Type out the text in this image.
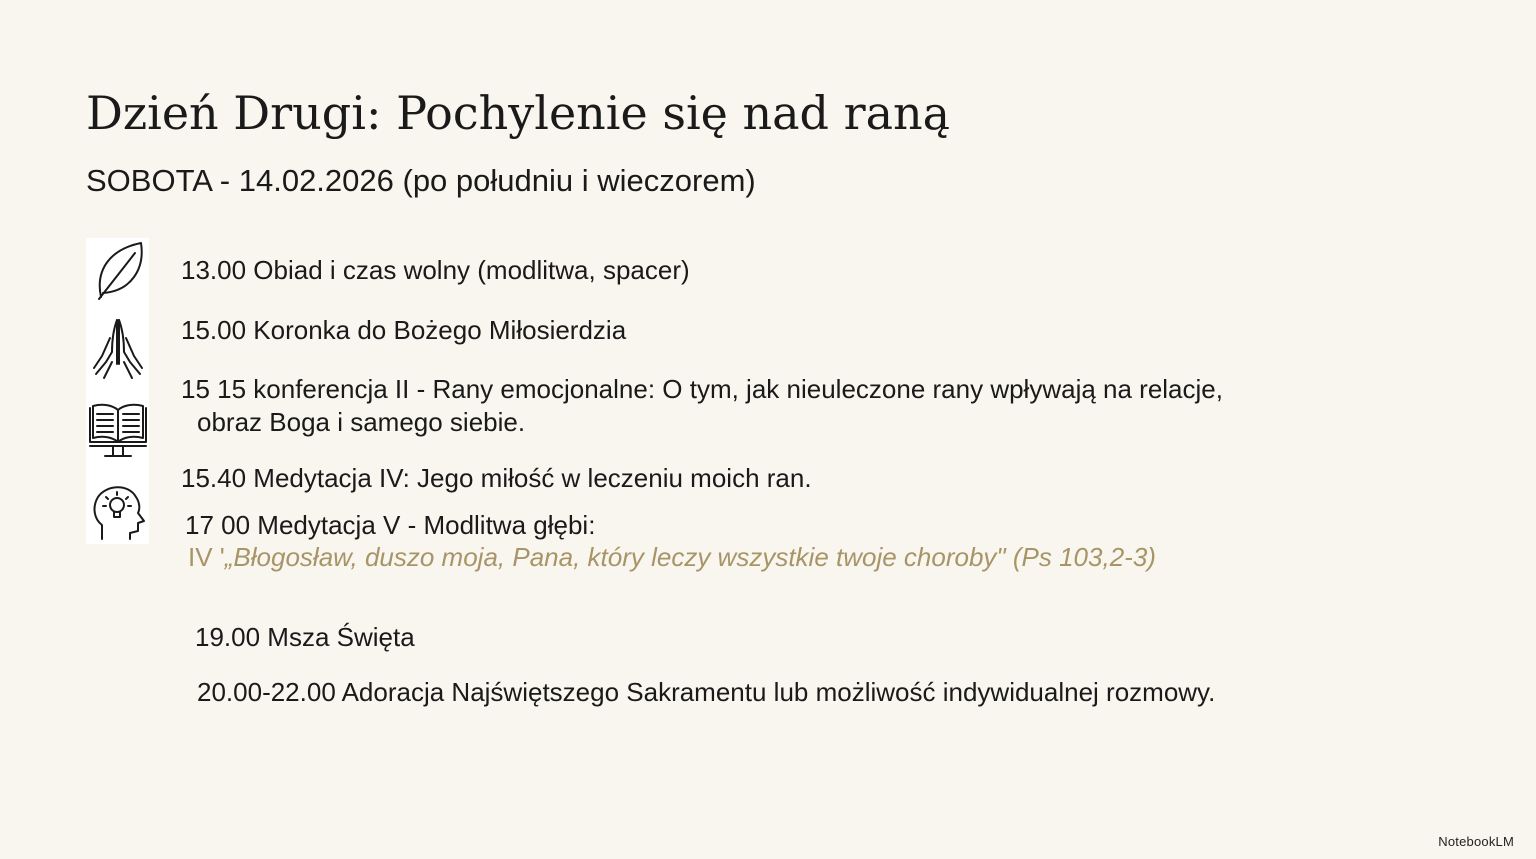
Dzień Drugi: Pochylenie się nad raną
SOBOTA - 14.02.2026 (po południu i wieczorem)
13.00 Obiad i czas wolny (modlitwa, spacer)
15.00 Koronka do Bożego Miłosierdzia
15 15 konferencja II - Rany emocjonalne: O tym, jak nieuleczone rany wpływają na relacje,
obraz Boga i samego siebie.
15.40 Medytacja IV: Jego miłość w leczeniu moich ran.
17 00 Medytacja V - Modlitwa głębi:
IV '„Błogosław, duszo moja, Pana, który leczy wszystkie twoje choroby" (Ps 103,2-3)
19.00 Msza Święta
20.00-22.00 Adoracja Najświętszego Sakramentu lub możliwość indywidualnej rozmowy.
NotebookLM
